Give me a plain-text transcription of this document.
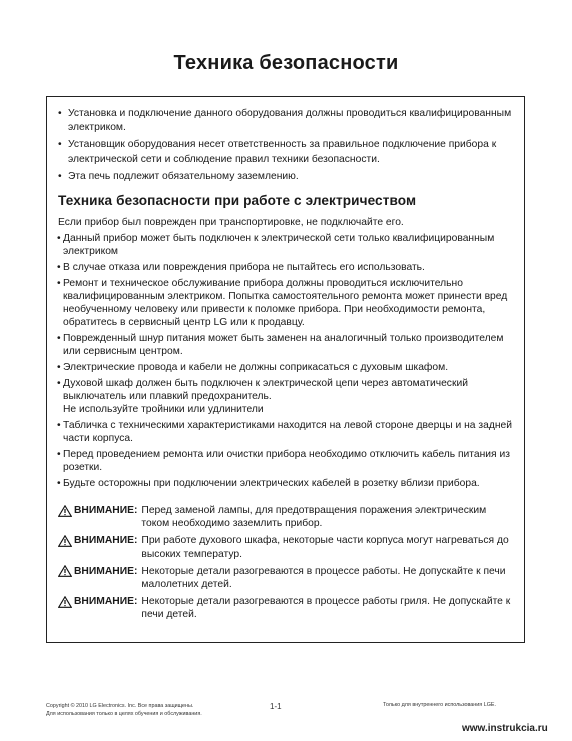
Техника безопасности
• Установка и подключение данного оборудования должны проводиться квалифицированным электриком.
• Установщик оборудования несет ответственность за правильное подключение прибора к электрической сети и соблюдение правил техники безопасности.
• Эта печь подлежит обязательному заземлению.
Техника безопасности при работе с электричеством
Если прибор был поврежден при транспортировке, не подключайте его.
• Данный прибор может быть подключен к электрической сети только квалифицированным электриком
• В случае отказа или повреждения прибора не пытайтесь его использовать.
• Ремонт и техническое обслуживание прибора должны проводиться исключительно квалифицированным электриком. Попытка самостоятельного ремонта может принести вред необученному человеку или привести к поломке прибора. При необходимости ремонта, обратитесь в сервисный центр LG или к продавцу.
• Поврежденный шнур питания может быть заменен на аналогичный только производителем или сервисным центром.
• Электрические провода и кабели не должны соприкасаться с духовым шкафом.
• Духовой шкаф должен быть подключен к электрической цепи через автоматический выключатель или плавкий предохранитель.
Не используйте тройники или удлинители
• Табличка с техническими характеристиками находится на левой стороне дверцы и на задней части корпуса.
• Перед проведением ремонта или очистки прибора необходимо отключить кабель питания из розетки.
• Будьте осторожны при подключении электрических кабелей в розетку вблизи прибора.
ВНИМАНИЕ: Перед заменой лампы, для предотвращения поражения электрическим током необходимо заземлить прибор.
ВНИМАНИЕ: При работе духового шкафа, некоторые части корпуса могут нагреваться до высоких температур.
ВНИМАНИЕ: Некоторые детали разогреваются в процессе работы. Не допускайте к печи малолетних детей.
ВНИМАНИЕ: Некоторые детали разогреваются в процессе работы гриля. Не допускайте к печи детей.
Copyright © 2010 LG Electronics. Inc. Все права защищены.
Для использования только в целях обучения и обслуживания.
1-1	Только для внутреннего использования LGE.
www.instrukcia.ru
